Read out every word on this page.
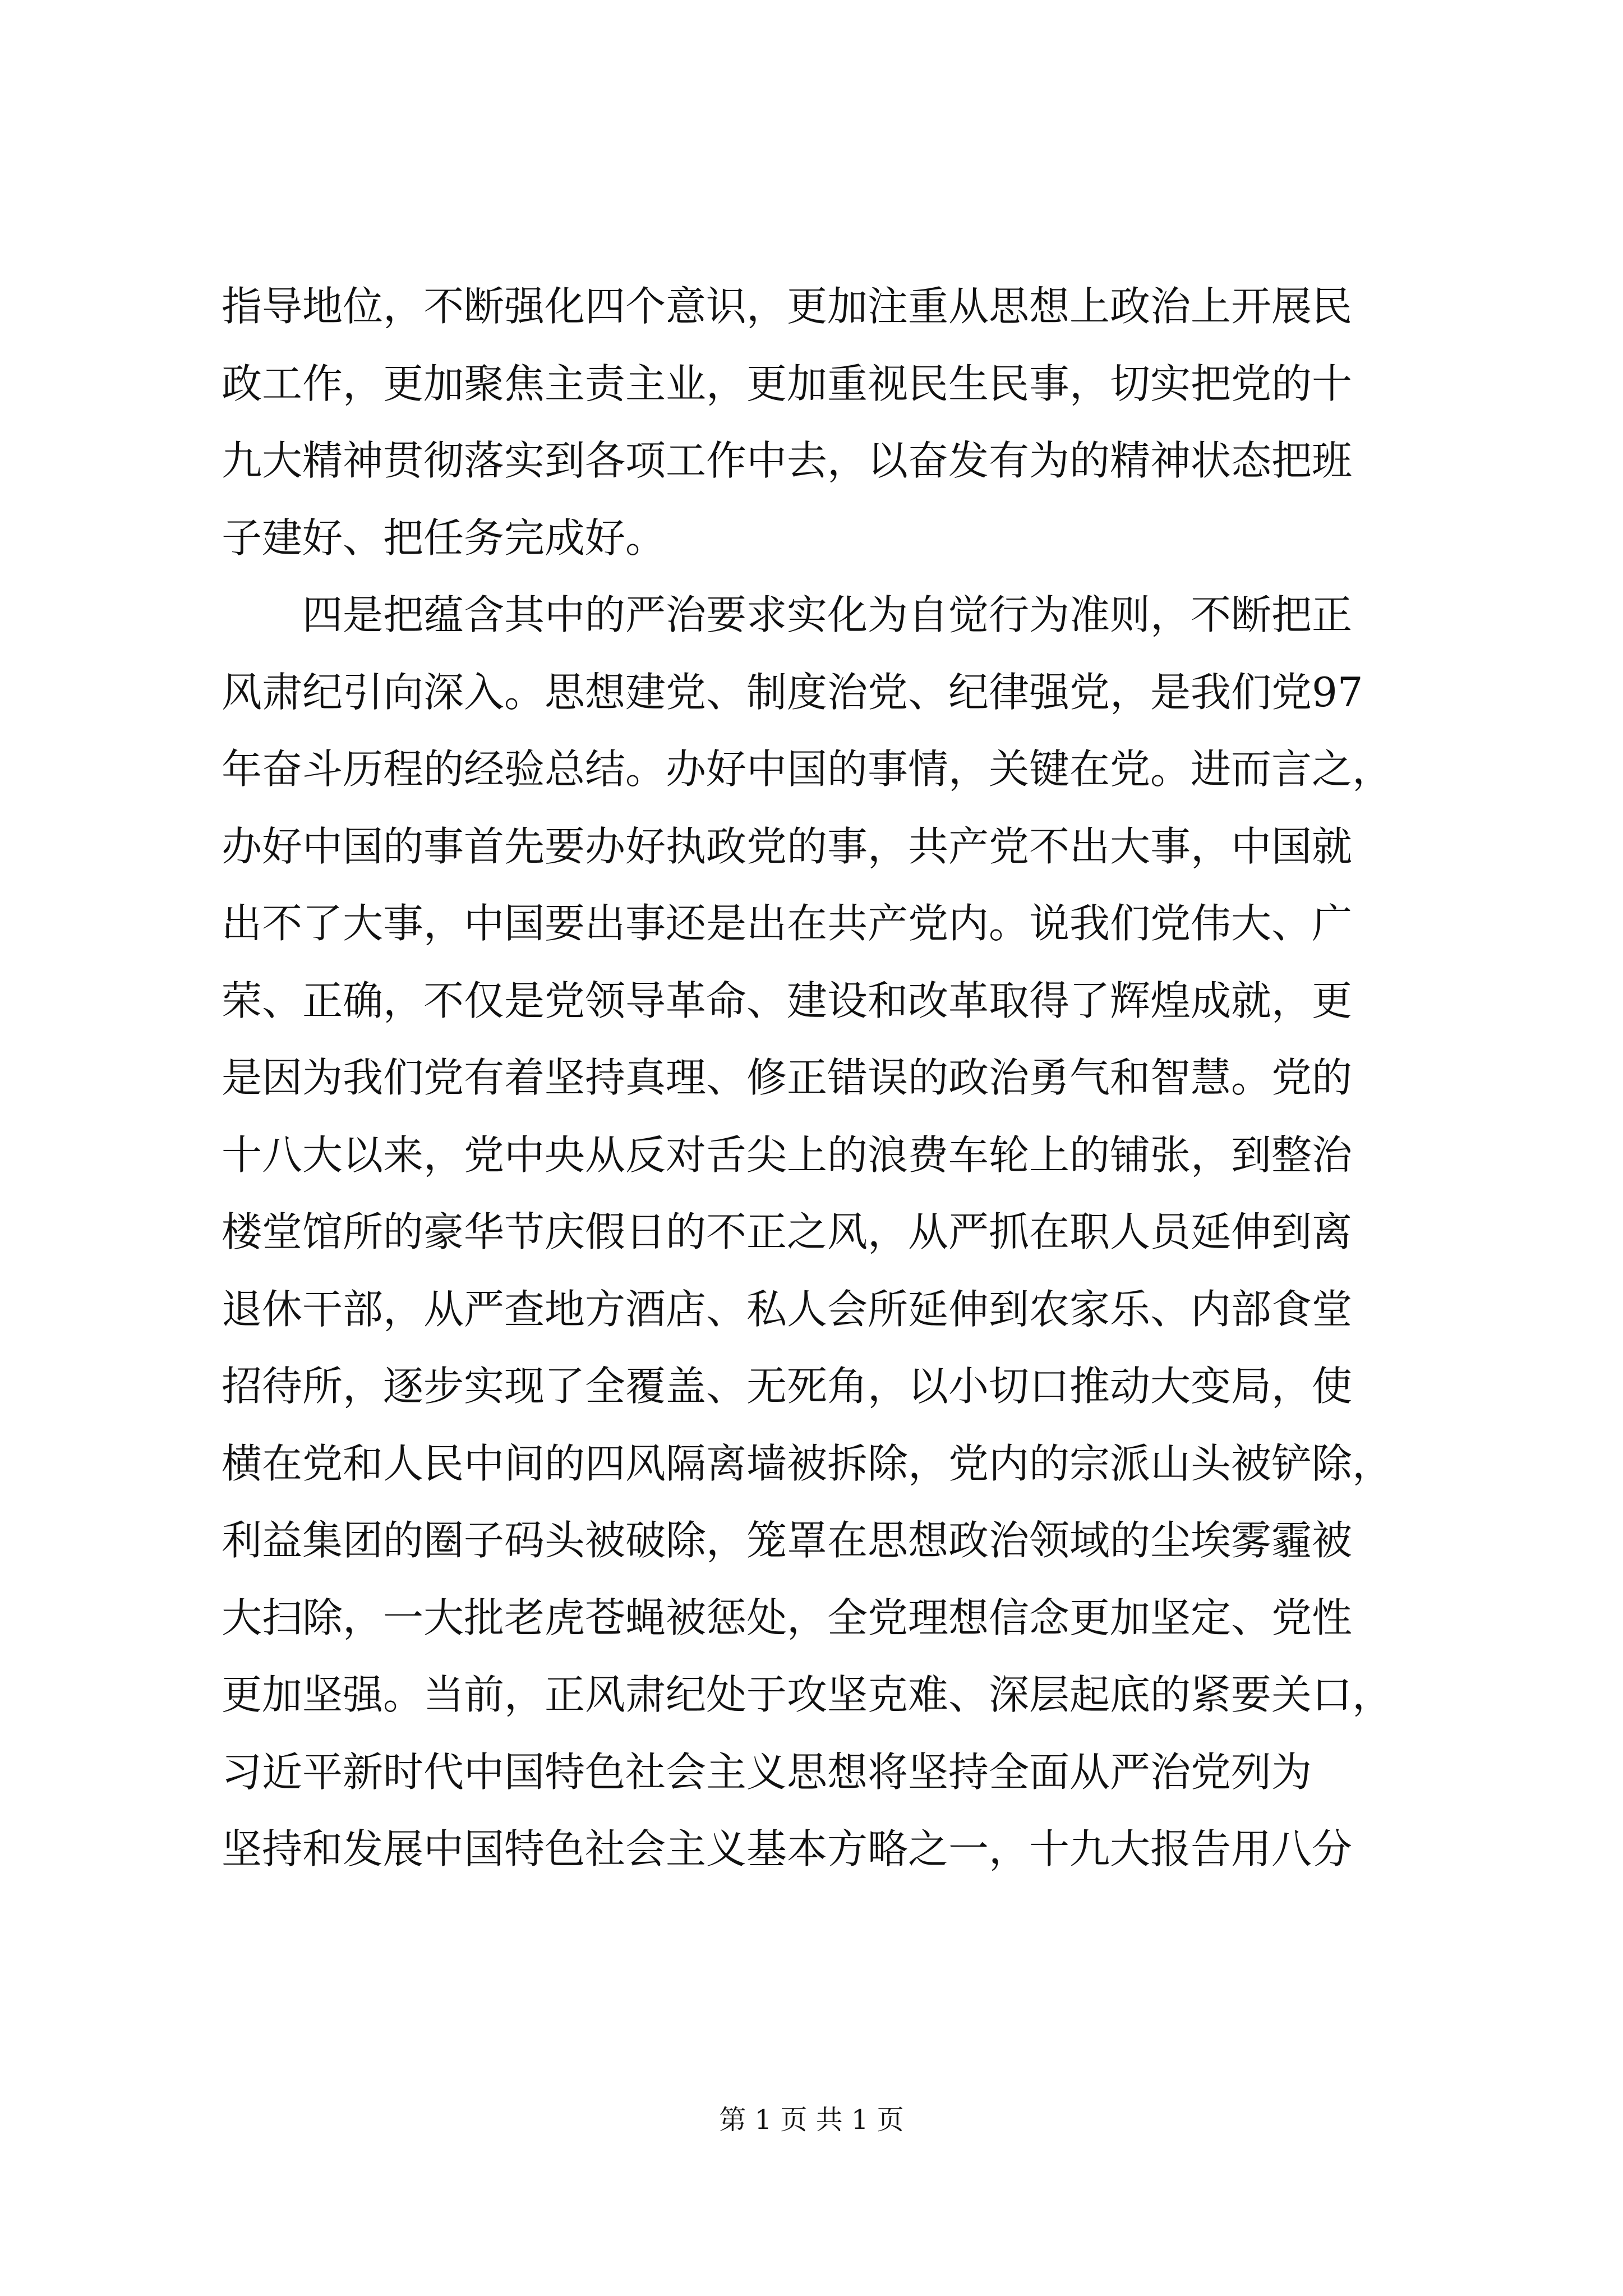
指导地位，不断强化四个意识，更加注重从思想上政治上开展民
政工作，更加聚焦主责主业，更加重视民生民事，切实把党的十
九大精神贯彻落实到各项工作中去，以奋发有为的精神状态把班
子建好、把任务完成好。
　　四是把蕴含其中的严治要求实化为自觉行为准则，不断把正
风肃纪引向深入。思想建党、制度治党、纪律强党，是我们党97
年奋斗历程的经验总结。办好中国的事情，关键在党。进而言之，
办好中国的事首先要办好执政党的事，共产党不出大事，中国就
出不了大事，中国要出事还是出在共产党内。说我们党伟大、广
荣、正确，不仅是党领导革命、建设和改革取得了辉煌成就，更
是因为我们党有着坚持真理、修正错误的政治勇气和智慧。党的
十八大以来，党中央从反对舌尖上的浪费车轮上的铺张，到整治
楼堂馆所的豪华节庆假日的不正之风，从严抓在职人员延伸到离
退休干部，从严查地方酒店、私人会所延伸到农家乐、内部食堂
招待所，逐步实现了全覆盖、无死角，以小切口推动大变局，使
横在党和人民中间的四风隔离墙被拆除，党内的宗派山头被铲除，
利益集团的圈子码头被破除，笼罩在思想政治领域的尘埃雾霾被
大扫除，一大批老虎苍蝇被惩处，全党理想信念更加坚定、党性
更加坚强。当前，正风肃纪处于攻坚克难、深层起底的紧要关口，
习近平新时代中国特色社会主义思想将坚持全面从严治党列为
坚持和发展中国特色社会主义基本方略之一，十九大报告用八分
第 1 页 共 1 页
